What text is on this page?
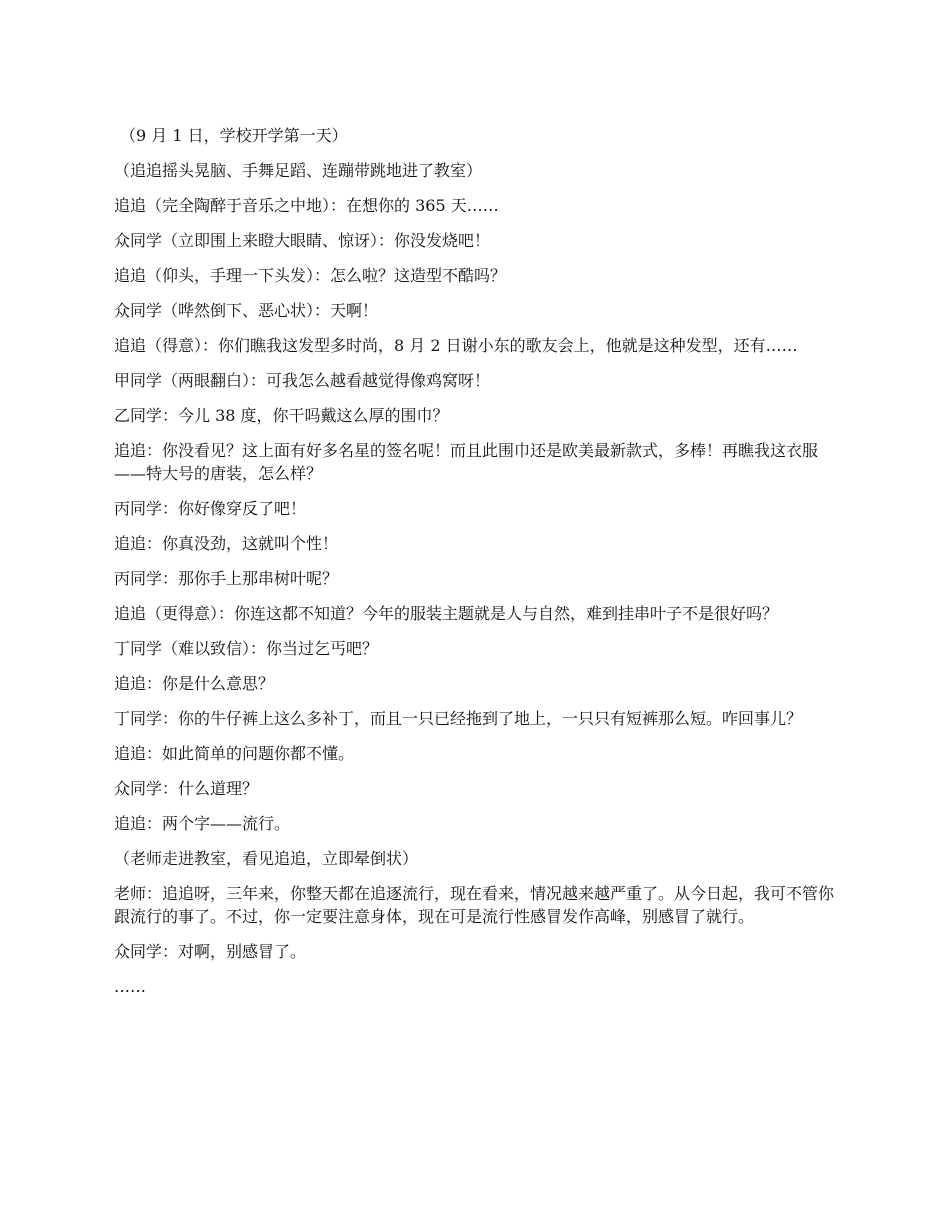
（9 月 1 日，学校开学第一天）

（追追摇头晃脑、手舞足蹈、连蹦带跳地进了教室）

追追（完全陶醉于音乐之中地）：在想你的 365 天……

众同学（立即围上来瞪大眼睛、惊讶）：你没发烧吧！

追追（仰头，手理一下头发）：怎么啦？这造型不酷吗？

众同学（哗然倒下、恶心状）：天啊！

追追（得意）：你们瞧我这发型多时尚，8 月 2 日谢小东的歌友会上，他就是这种发型，还有……

甲同学（两眼翻白）：可我怎么越看越觉得像鸡窝呀！

乙同学：今儿 38 度，你干吗戴这么厚的围巾？

追追：你没看见？这上面有好多名星的签名呢！而且此围巾还是欧美最新款式，多棒！再瞧我这衣服——特大号的唐装，怎么样？

丙同学：你好像穿反了吧！

追追：你真没劲，这就叫个性！

丙同学：那你手上那串树叶呢？

追追（更得意）：你连这都不知道？今年的服装主题就是人与自然，难到挂串叶子不是很好吗？

丁同学（难以致信）：你当过乞丐吧？

追追：你是什么意思？

丁同学：你的牛仔裤上这么多补丁，而且一只已经拖到了地上，一只只有短裤那么短。咋回事儿？

追追：如此简单的问题你都不懂。

众同学：什么道理？

追追：两个字——流行。

（老师走进教室，看见追追，立即晕倒状）

老师：追追呀，三年来，你整天都在追逐流行，现在看来，情况越来越严重了。从今日起，我可不管你跟流行的事了。不过，你一定要注意身体，现在可是流行性感冒发作高峰，别感冒了就行。

众同学：对啊，别感冒了。

……
